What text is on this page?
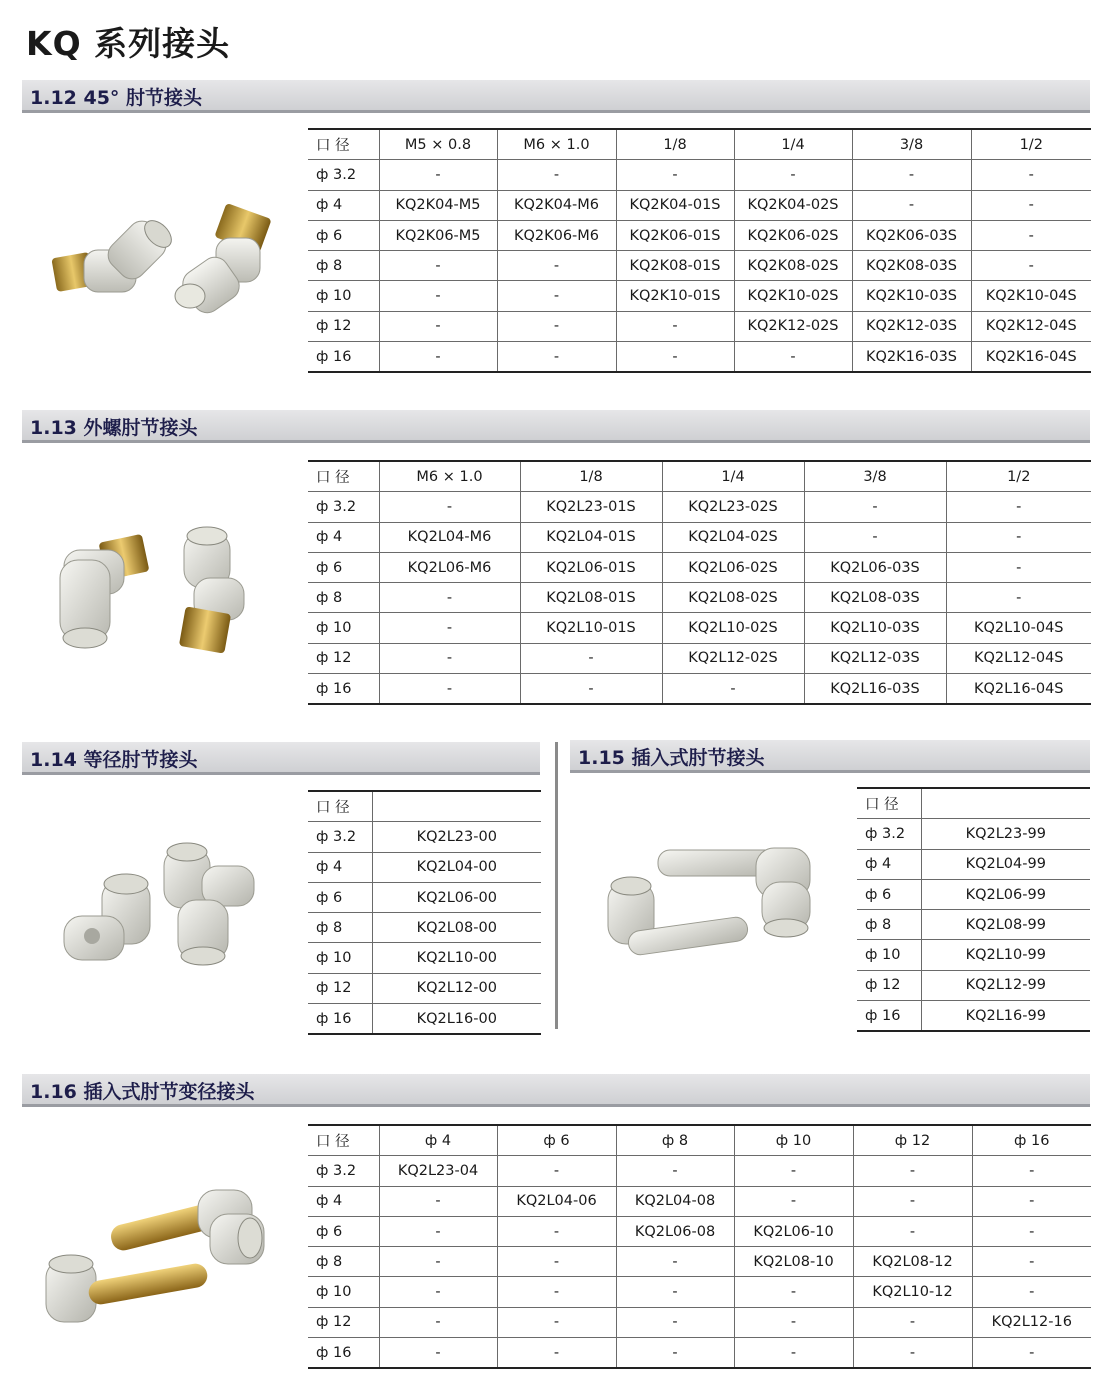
KQ 系列接头
1.12 45° 肘节接头
口 径	M5 × 0.8	M6 × 1.0	1/8	1/4	3/8	1/2
ф 3.2	-	-	-	-	-	-
ф 4	KQ2K04-M5	KQ2K04-M6	KQ2K04-01S	KQ2K04-02S	-	-
ф 6	KQ2K06-M5	KQ2K06-M6	KQ2K06-01S	KQ2K06-02S	KQ2K06-03S	-
ф 8	-	-	KQ2K08-01S	KQ2K08-02S	KQ2K08-03S	-
ф 10	-	-	KQ2K10-01S	KQ2K10-02S	KQ2K10-03S	KQ2K10-04S
ф 12	-	-	-	KQ2K12-02S	KQ2K12-03S	KQ2K12-04S
ф 16	-	-	-	-	KQ2K16-03S	KQ2K16-04S
1.13 外螺肘节接头
口 径	M6 × 1.0	1/8	1/4	3/8	1/2
ф 3.2	-	KQ2L23-01S	KQ2L23-02S	-	-
ф 4	KQ2L04-M6	KQ2L04-01S	KQ2L04-02S	-	-
ф 6	KQ2L06-M6	KQ2L06-01S	KQ2L06-02S	KQ2L06-03S	-
ф 8	-	KQ2L08-01S	KQ2L08-02S	KQ2L08-03S	-
ф 10	-	KQ2L10-01S	KQ2L10-02S	KQ2L10-03S	KQ2L10-04S
ф 12	-	-	KQ2L12-02S	KQ2L12-03S	KQ2L12-04S
ф 16	-	-	-	KQ2L16-03S	KQ2L16-04S
1.14 等径肘节接头
口 径	
ф 3.2	KQ2L23-00
ф 4	KQ2L04-00
ф 6	KQ2L06-00
ф 8	KQ2L08-00
ф 10	KQ2L10-00
ф 12	KQ2L12-00
ф 16	KQ2L16-00
1.15 插入式肘节接头
口 径	
ф 3.2	KQ2L23-99
ф 4	KQ2L04-99
ф 6	KQ2L06-99
ф 8	KQ2L08-99
ф 10	KQ2L10-99
ф 12	KQ2L12-99
ф 16	KQ2L16-99
1.16 插入式肘节变径接头
口 径	ф 4	ф 6	ф 8	ф 10	ф 12	ф 16
ф 3.2	KQ2L23-04	-	-	-	-	-
ф 4	-	KQ2L04-06	KQ2L04-08	-	-	-
ф 6	-	-	KQ2L06-08	KQ2L06-10	-	-
ф 8	-	-	-	KQ2L08-10	KQ2L08-12	-
ф 10	-	-	-	-	KQ2L10-12	-
ф 12	-	-	-	-	-	KQ2L12-16
ф 16	-	-	-	-	-	-
